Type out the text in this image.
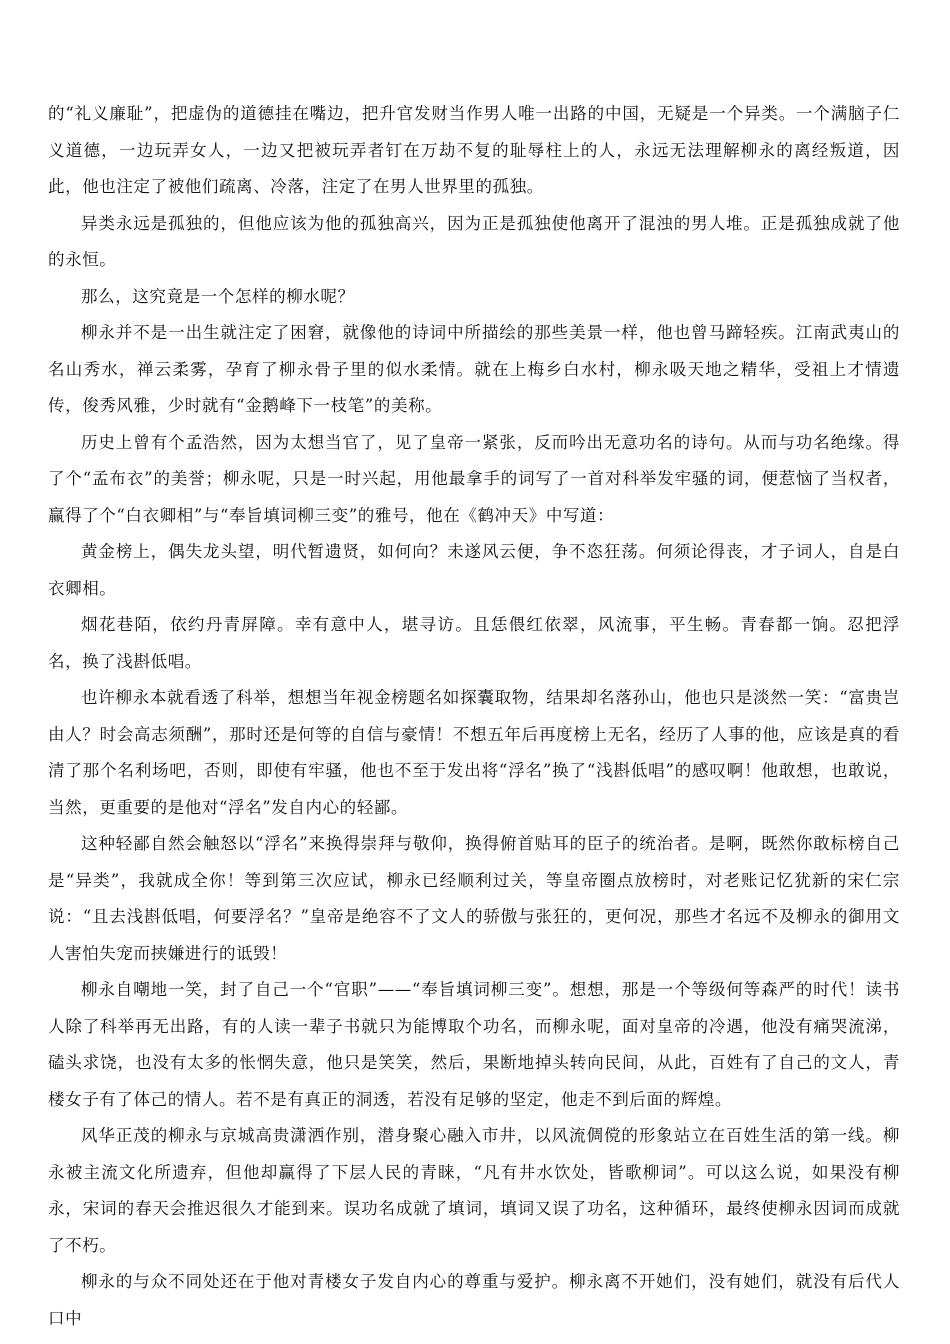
的“礼义廉耻”，把虚伪的道德挂在嘴边，把升官发财当作男人唯一出路的中国，无疑是一个异类。一个满脑子仁义道德，一边玩弄女人，一边又把被玩弄者钉在万劫不复的耻辱柱上的人，永远无法理解柳永的离经叛道，因此，他也注定了被他们疏离、冷落，注定了在男人世界里的孤独。

异类永远是孤独的，但他应该为他的孤独高兴，因为正是孤独使他离开了混浊的男人堆。正是孤独成就了他的永恒。

那么，这究竟是一个怎样的柳水呢？

柳永并不是一出生就注定了困窘，就像他的诗词中所描绘的那些美景一样，他也曾马蹄轻疾。江南武夷山的名山秀水，禅云柔雾，孕育了柳永骨子里的似水柔情。就在上梅乡白水村，柳永吸天地之精华，受祖上才情遗传，俊秀风雅，少时就有“金鹅峰下一枝笔”的美称。

历史上曾有个孟浩然，因为太想当官了，见了皇帝一紧张，反而吟出无意功名的诗句。从而与功名绝缘。得了个“孟布衣”的美誉；柳永呢，只是一时兴起，用他最拿手的词写了一首对科举发牢骚的词，便惹恼了当权者，赢得了个“白衣卿相”与“奉旨填词柳三变”的雅号，他在《鹤冲天》中写道：

黄金榜上，偶失龙头望，明代暂遗贤，如何向？未遂风云便，争不恣狂荡。何须论得丧，才子词人，自是白衣卿相。

烟花巷陌，依约丹青屏障。幸有意中人，堪寻访。且恁偎红依翠，风流事，平生畅。青春都一饷。忍把浮名，换了浅斟低唱。

也许柳永本就看透了科举，想想当年视金榜题名如探囊取物，结果却名落孙山，他也只是淡然一笑：“富贵岂由人？时会高志须酬”，那时还是何等的自信与豪情！不想五年后再度榜上无名，经历了人事的他，应该是真的看清了那个名利场吧，否则，即使有牢骚，他也不至于发出将“浮名”换了“浅斟低唱”的感叹啊！他敢想，也敢说，当然，更重要的是他对“浮名”发自内心的轻鄙。

这种轻鄙自然会触怒以“浮名”来换得崇拜与敬仰，换得俯首贴耳的臣子的统治者。是啊，既然你敢标榜自己是“异类”，我就成全你！等到第三次应试，柳永已经顺利过关，等皇帝圈点放榜时，对老账记忆犹新的宋仁宗说：“且去浅斟低唱，何要浮名？”皇帝是绝容不了文人的骄傲与张狂的，更何况，那些才名远不及柳永的御用文人害怕失宠而挟嫌进行的诋毁！

柳永自嘲地一笑，封了自己一个“官职”——“奉旨填词柳三变”。想想，那是一个等级何等森严的时代！读书人除了科举再无出路，有的人读一辈子书就只为能博取个功名，而柳永呢，面对皇帝的冷遇，他没有痛哭流涕，磕头求饶，也没有太多的怅惘失意，他只是笑笑，然后，果断地掉头转向民间，从此，百姓有了自己的文人，青楼女子有了体己的情人。若不是有真正的洞透，若没有足够的坚定，他走不到后面的辉煌。

风华正茂的柳永与京城高贵潇洒作别，潜身聚心融入市井，以风流倜傥的形象站立在百姓生活的第一线。柳永被主流文化所遗弃，但他却赢得了下层人民的青睐，“凡有井水饮处，皆歌柳词”。可以这么说，如果没有柳永，宋词的春天会推迟很久才能到来。误功名成就了填词，填词又误了功名，这种循环，最终使柳永因词而成就了不朽。

柳永的与众不同处还在于他对青楼女子发自内心的尊重与爱护。柳永离不开她们，没有她们，就没有后代人口中
